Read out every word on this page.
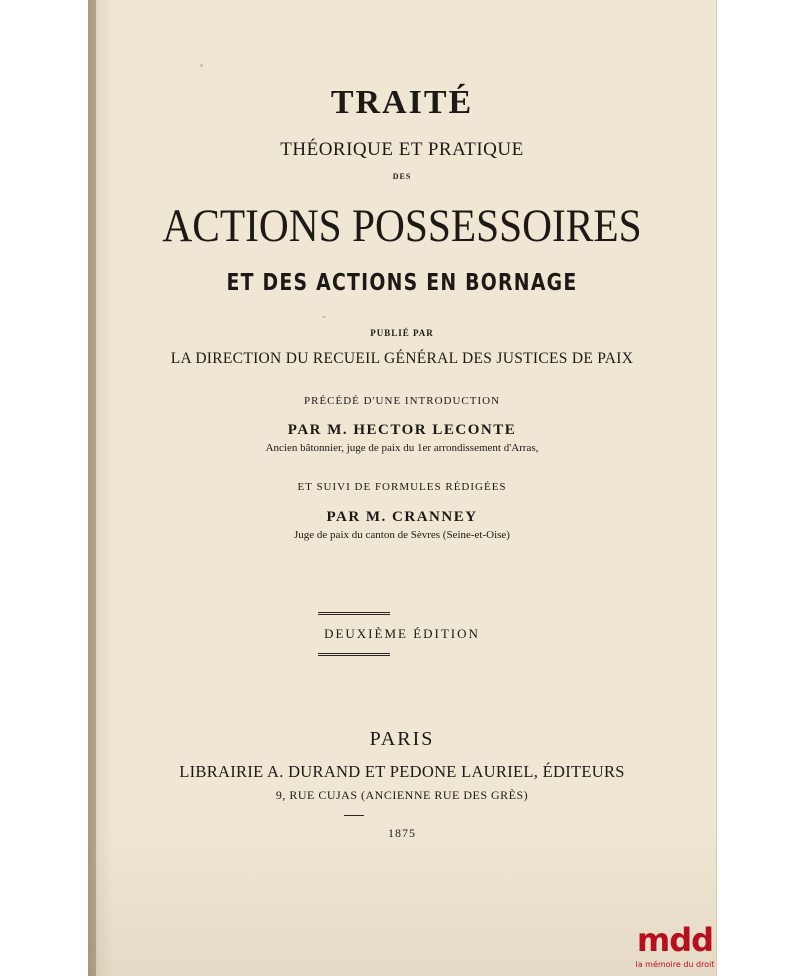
TRAITÉ
THÉORIQUE ET PRATIQUE
DES
ACTIONS POSSESSOIRES
ET DES ACTIONS EN BORNAGE
PUBLIÉ PAR
LA DIRECTION DU RECUEIL GÉNÉRAL DES JUSTICES DE PAIX
PRÉCÉDÉ D'UNE INTRODUCTION
PAR M. HECTOR LECONTE
Ancien bâtonnier, juge de paix du 1er arrondissement d'Arras,
ET SUIVI DE FORMULES RÉDIGÉES
PAR M. CRANNEY
Juge de paix du canton de Sèvres (Seine-et-Oise)
DEUXIÈME ÉDITION
PARIS
LIBRAIRIE A. DURAND ET PEDONE LAURIEL, ÉDITEURS
9, RUE CUJAS (ANCIENNE RUE DES GRÈS)
1875
mdd
la mémoire du droit
